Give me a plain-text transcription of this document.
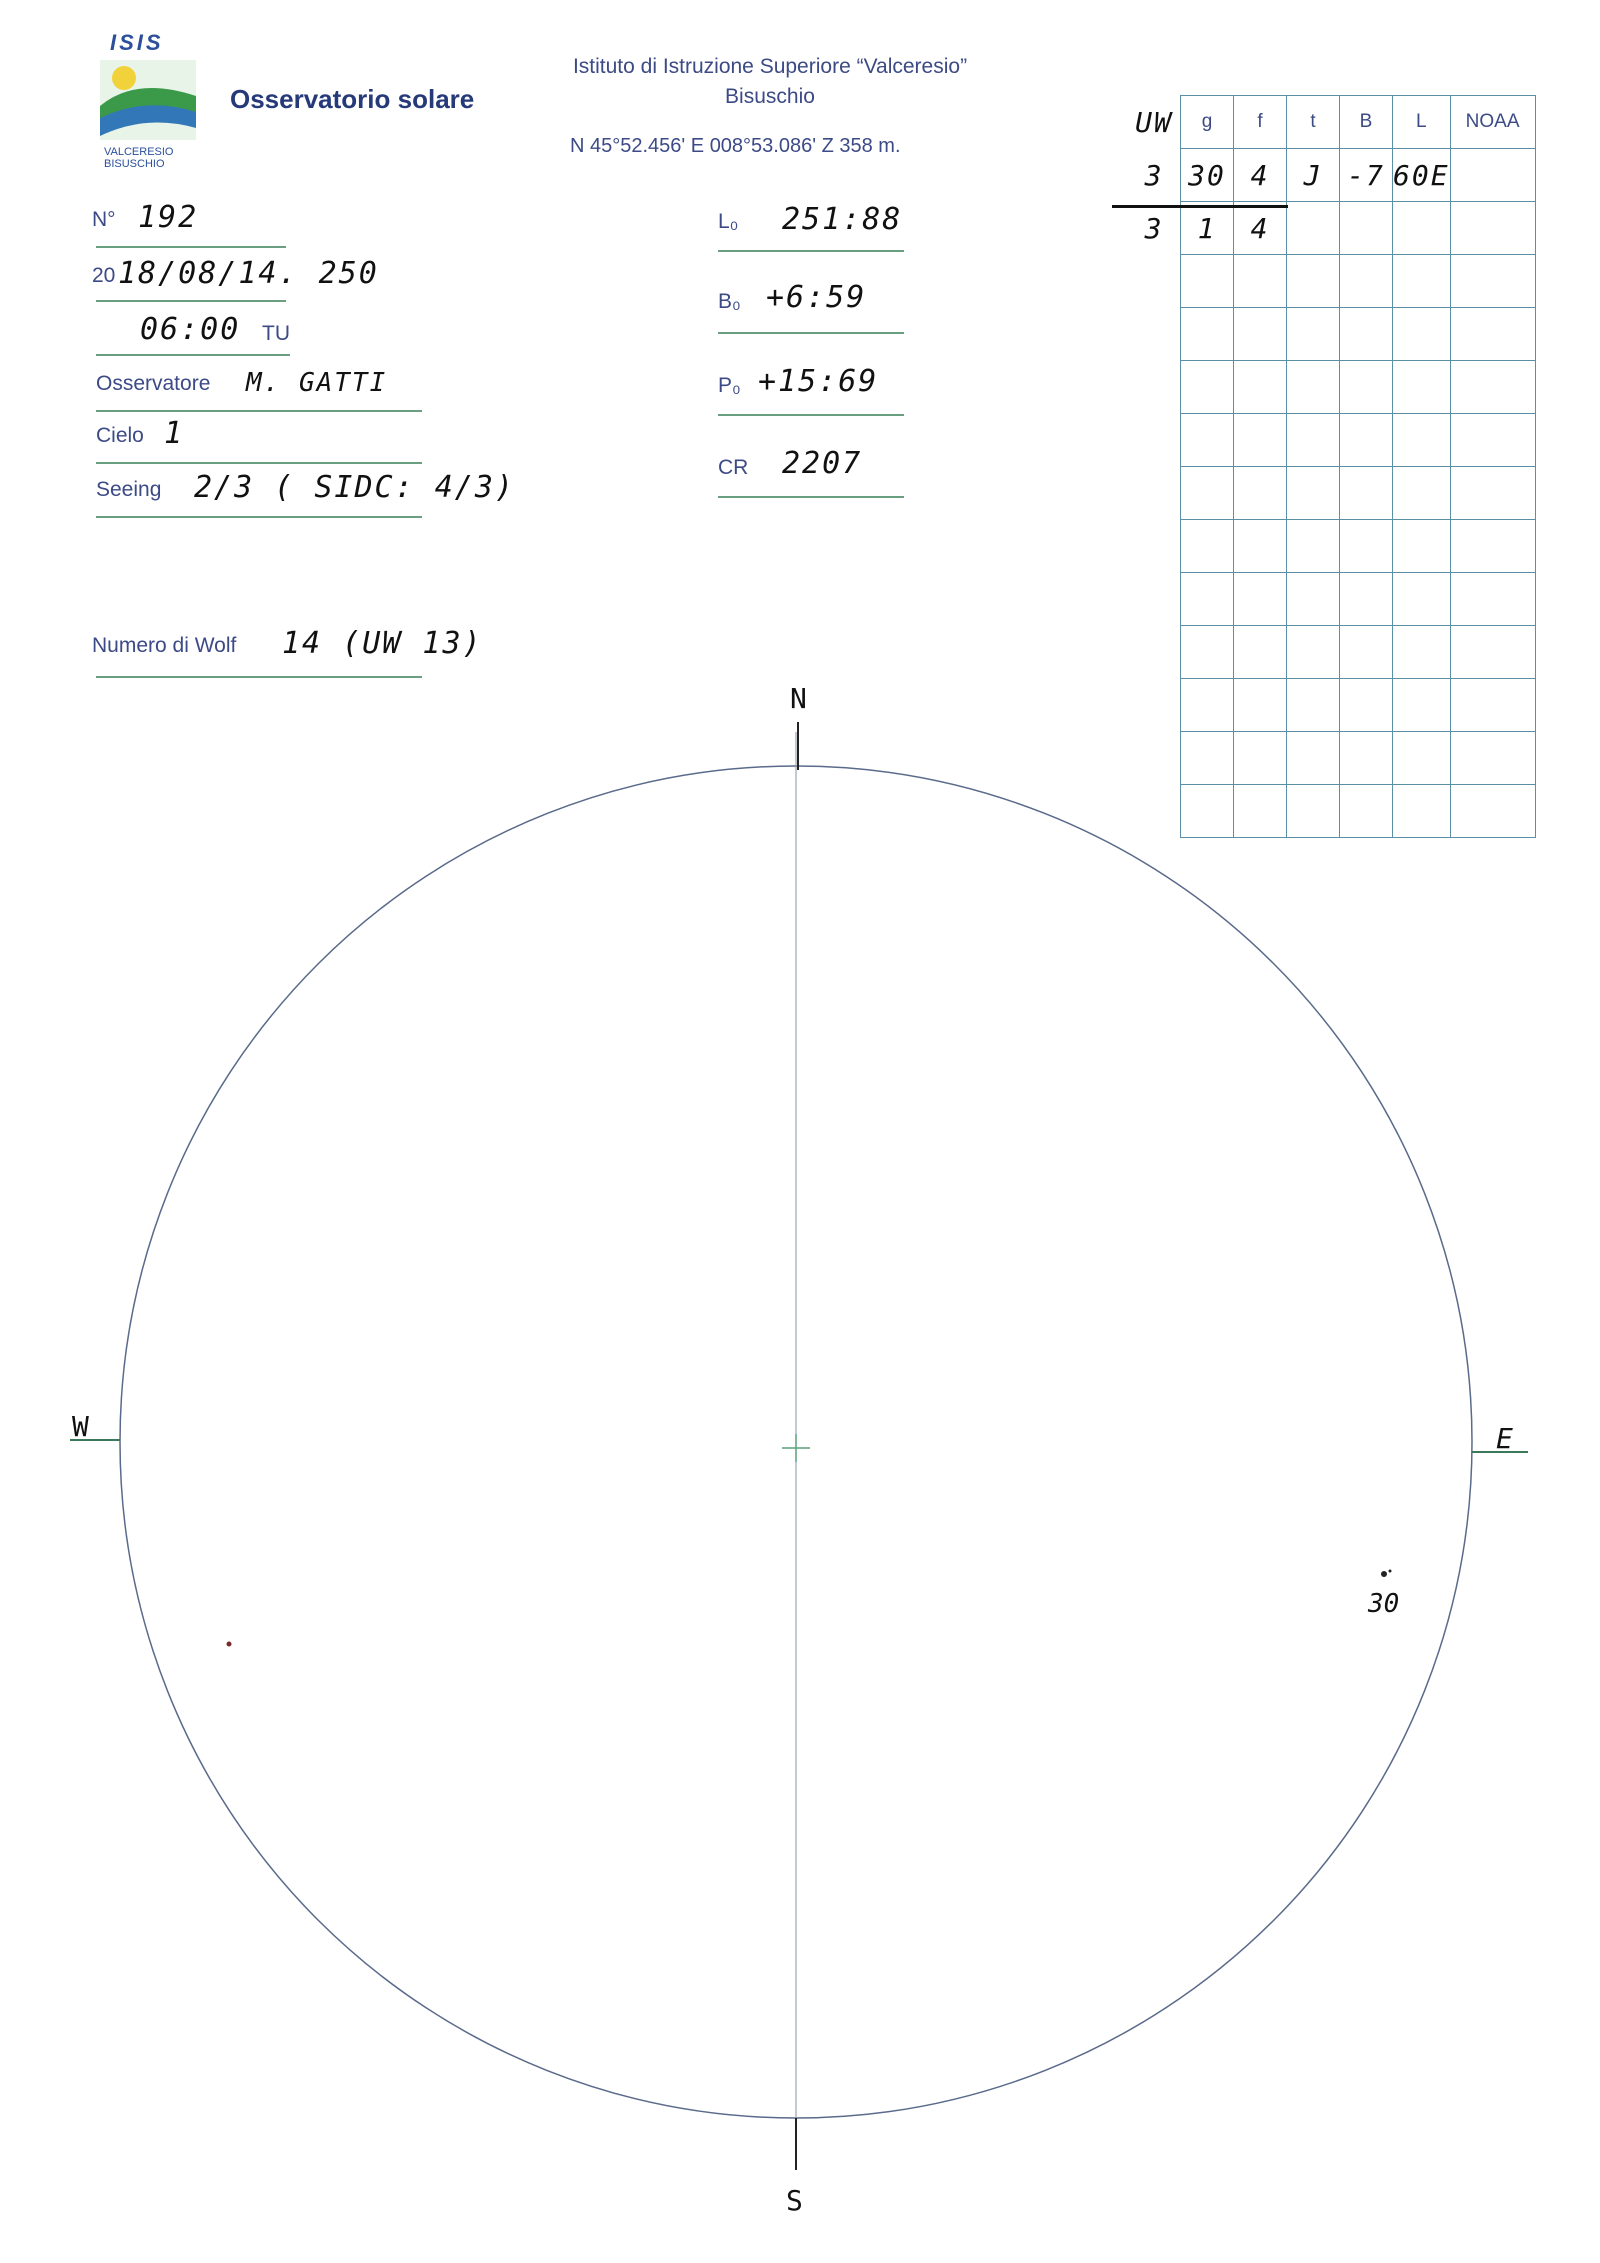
ISIS
VALCERESIO
BISUSCHIO
Osservatorio solare
Istituto di Istruzione Superiore “Valceresio”
Bisuschio
N 45°52.456' E 008°53.086' Z 358 m.
N° 192
20 18/08/14. 250
06:00 TU
Osservatore M. GATTI
Cielo 1
Seeing 2/3 ( SIDC: 4/3)
Numero di Wolf 14 (UW 13)
L₀ 251:88
B₀ +6:59
P₀ +15:69
CR 2207
UW	g	f	t	B	L	NOAA
3	30	4	J	-7	60E	
3	1	4				

N
S
W	E
30
